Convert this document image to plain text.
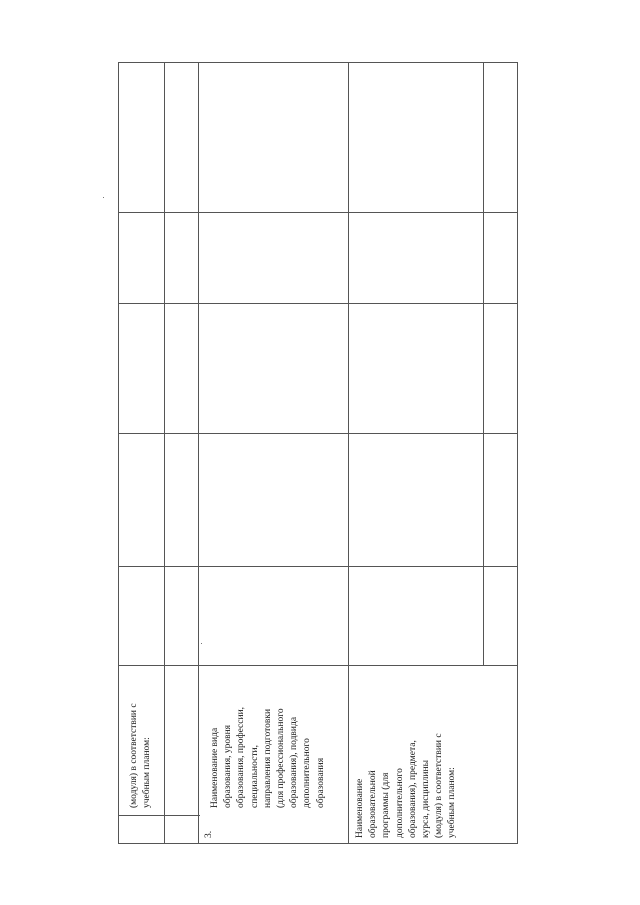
(модуля) в соответствии с учебным планом:

3.

Наименование вида образования, уровня образования, профессии, специальности, направления подготовки (для профессионального образования), подвида дополнительного образования	Наименование образовательной программы (для дополнительного образования), предмета, курса, дисциплины (модуля) в соответствии с учебным планом:
